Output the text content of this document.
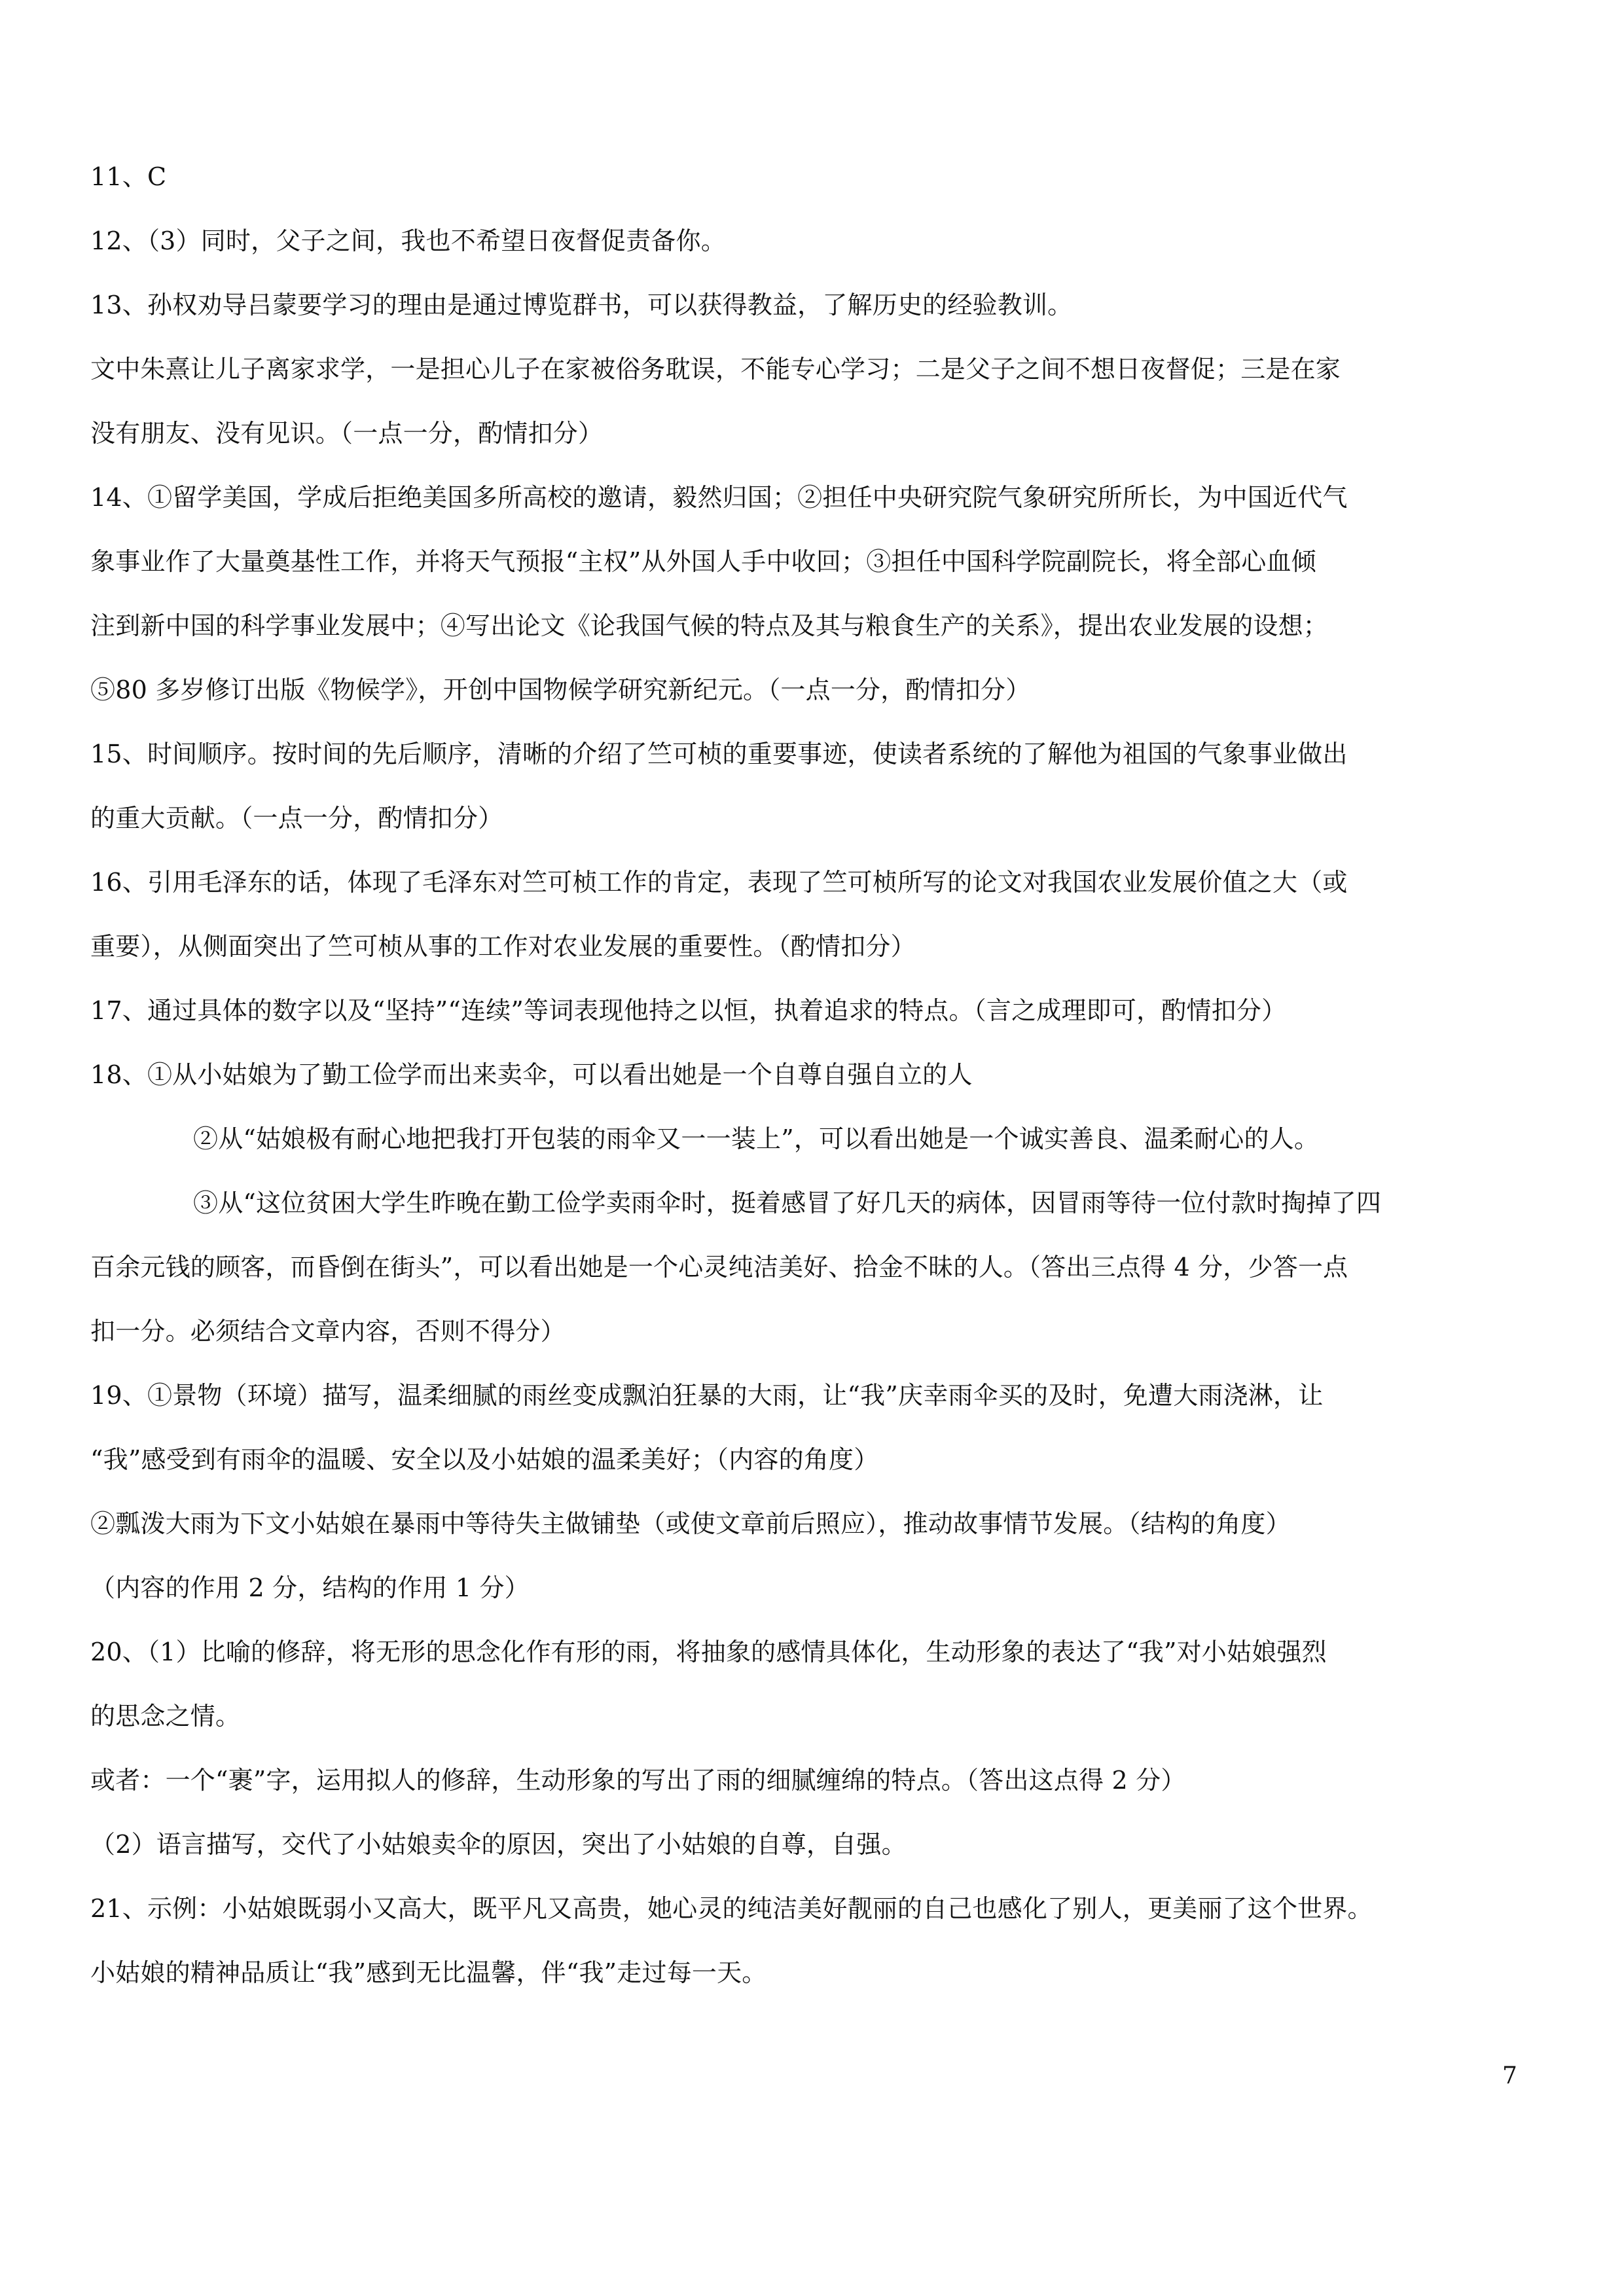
11、C
12、（3）同时，父子之间，我也不希望日夜督促责备你。
13、孙权劝导吕蒙要学习的理由是通过博览群书，可以获得教益，了解历史的经验教训。
文中朱熹让儿子离家求学，一是担心儿子在家被俗务耽误，不能专心学习；二是父子之间不想日夜督促；三是在家
没有朋友、没有见识。（一点一分，酌情扣分）
14、①留学美国，学成后拒绝美国多所高校的邀请，毅然归国；②担任中央研究院气象研究所所长，为中国近代气
象事业作了大量奠基性工作，并将天气预报“主权”从外国人手中收回；③担任中国科学院副院长，将全部心血倾
注到新中国的科学事业发展中；④写出论文《论我国气候的特点及其与粮食生产的关系》，提出农业发展的设想；
⑤80 多岁修订出版《物候学》，开创中国物候学研究新纪元。（一点一分，酌情扣分）
15、时间顺序。按时间的先后顺序，清晰的介绍了竺可桢的重要事迹，使读者系统的了解他为祖国的气象事业做出
的重大贡献。（一点一分，酌情扣分）
16、引用毛泽东的话，体现了毛泽东对竺可桢工作的肯定，表现了竺可桢所写的论文对我国农业发展价值之大（或
重要），从侧面突出了竺可桢从事的工作对农业发展的重要性。（酌情扣分）
17、通过具体的数字以及“坚持”“连续”等词表现他持之以恒，执着追求的特点。（言之成理即可，酌情扣分）
18、①从小姑娘为了勤工俭学而出来卖伞，可以看出她是一个自尊自强自立的人
②从“姑娘极有耐心地把我打开包装的雨伞又一一装上”，可以看出她是一个诚实善良、温柔耐心的人。
③从“这位贫困大学生昨晚在勤工俭学卖雨伞时，挺着感冒了好几天的病体，因冒雨等待一位付款时掏掉了四
百余元钱的顾客，而昏倒在街头”，可以看出她是一个心灵纯洁美好、拾金不昧的人。（答出三点得 4 分，少答一点
扣一分。必须结合文章内容，否则不得分）
19、①景物（环境）描写，温柔细腻的雨丝变成飘泊狂暴的大雨，让“我”庆幸雨伞买的及时，免遭大雨浇淋，让
“我”感受到有雨伞的温暖、安全以及小姑娘的温柔美好；（内容的角度）
②瓢泼大雨为下文小姑娘在暴雨中等待失主做铺垫（或使文章前后照应），推动故事情节发展。（结构的角度）
（内容的作用 2 分，结构的作用 1 分）
20、（1）比喻的修辞，将无形的思念化作有形的雨，将抽象的感情具体化，生动形象的表达了“我”对小姑娘强烈
的思念之情。
或者：一个“裹”字，运用拟人的修辞，生动形象的写出了雨的细腻缠绵的特点。（答出这点得 2 分）
（2）语言描写，交代了小姑娘卖伞的原因，突出了小姑娘的自尊，自强。
21、示例：小姑娘既弱小又高大，既平凡又高贵，她心灵的纯洁美好靓丽的自己也感化了别人，更美丽了这个世界。
小姑娘的精神品质让“我”感到无比温馨，伴“我”走过每一天。
7
